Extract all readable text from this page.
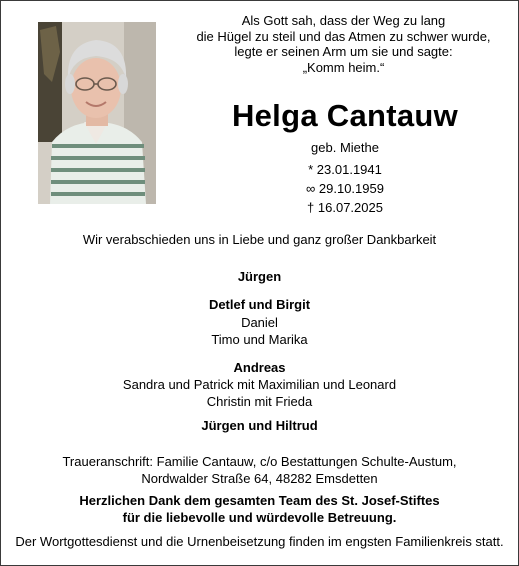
Als Gott sah, dass der Weg zu lang
die Hügel zu steil und das Atmen zu schwer wurde,
legte er seinen Arm um sie und sagte:
„Komm heim.“
Helga Cantauw
geb. Miethe
* 23.01.1941
∞ 29.10.1959
† 16.07.2025
Wir verabschieden uns in Liebe und ganz großer Dankbarkeit
Jürgen
Detlef und Birgit
Daniel
Timo und Marika
Andreas
Sandra und Patrick mit Maximilian und Leonard
Christin mit Frieda
Jürgen und Hiltrud
Traueranschrift: Familie Cantauw, c/o Bestattungen Schulte-Austum,
Nordwalder Straße 64, 48282 Emsdetten
Herzlichen Dank dem gesamten Team des St. Josef-Stiftes
für die liebevolle und würdevolle Betreuung.
Der Wortgottesdienst und die Urnenbeisetzung finden im engsten Familienkreis statt.
